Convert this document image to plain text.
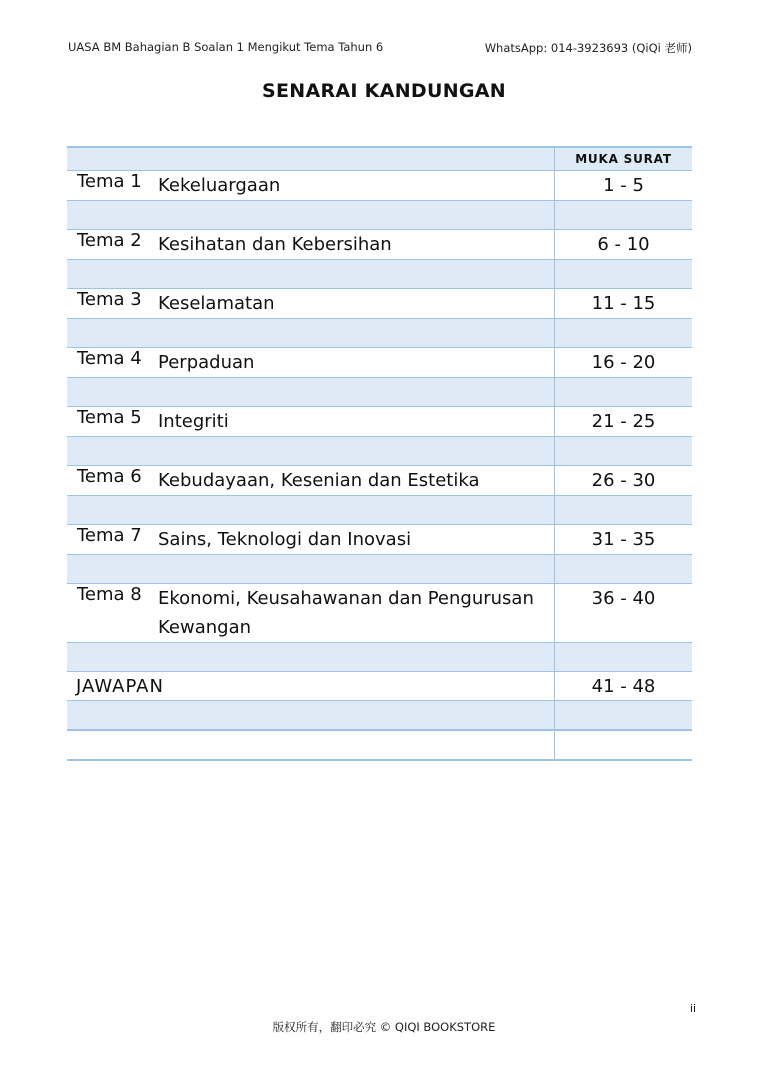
UASA BM Bahagian B Soalan 1 Mengikut Tema Tahun 6	WhatsApp: 014-3923693 (QiQi 老师)
SENARAI KANDUNGAN
	MUKA SURAT
Tema 1 Kekeluargaan	1 - 5

Tema 2 Kesihatan dan Kebersihan	6 - 10

Tema 3 Keselamatan	11 - 15

Tema 4 Perpaduan	16 - 20

Tema 5 Integriti	21 - 25

Tema 6 Kebudayaan, Kesenian dan Estetika	26 - 30

Tema 7 Sains, Teknologi dan Inovasi	31 - 35

Tema 8 Ekonomi, Keusahawanan dan Pengurusan
Kewangan	36 - 40

JAWAPAN	41 - 48

ii
版权所有，翻印必究 © QIQI BOOKSTORE
